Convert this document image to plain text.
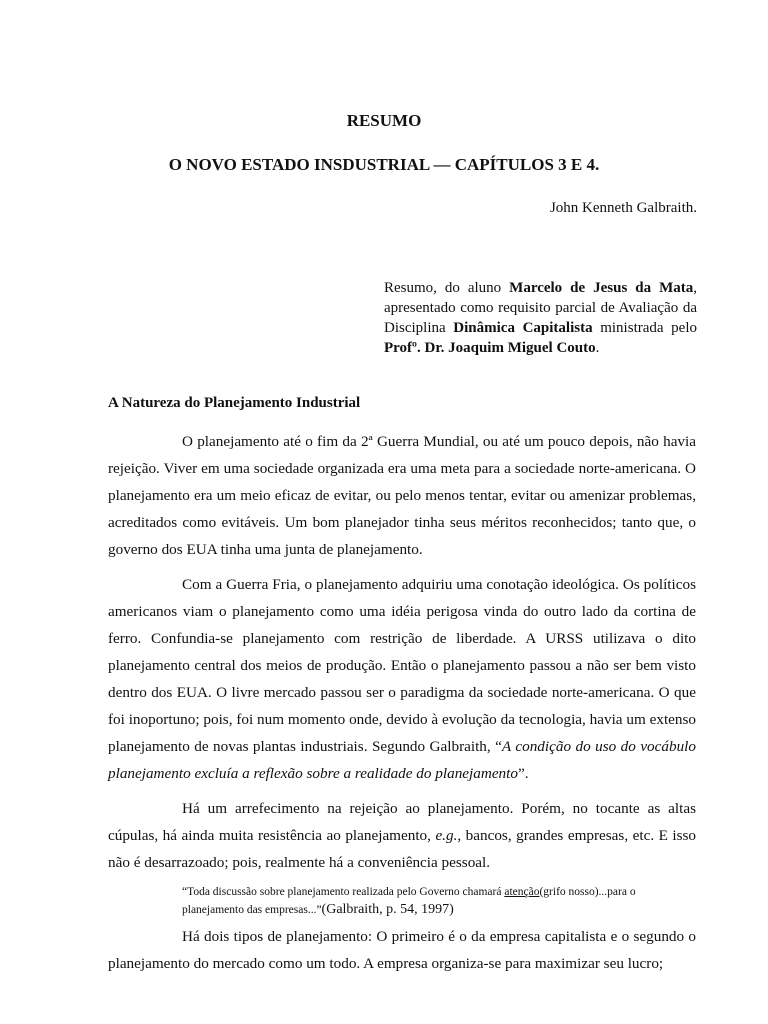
RESUMO
O NOVO ESTADO INSDUSTRIAL — CAPÍTULOS 3 E 4.

John Kenneth Galbraith.

Resumo, do aluno Marcelo de Jesus da Mata, apresentado como requisito parcial de Avaliação da Disciplina Dinâmica Capitalista ministrada pelo Profº. Dr. Joaquim Miguel Couto.

A Natureza do Planejamento Industrial

O planejamento até o fim da 2ª Guerra Mundial, ou até um pouco depois, não havia rejeição. Viver em uma sociedade organizada era uma meta para a sociedade norte-americana. O planejamento era um meio eficaz de evitar, ou pelo menos tentar, evitar ou amenizar problemas, acreditados como evitáveis. Um bom planejador tinha seus méritos reconhecidos; tanto que, o governo dos EUA tinha uma junta de planejamento.

Com a Guerra Fria, o planejamento adquiriu uma conotação ideológica. Os políticos americanos viam o planejamento como uma idéia perigosa vinda do outro lado da cortina de ferro. Confundia-se planejamento com restrição de liberdade. A URSS utilizava o dito planejamento central dos meios de produção. Então o planejamento passou a não ser bem visto dentro dos EUA. O livre mercado passou ser o paradigma da sociedade norte-americana. O que foi inoportuno; pois, foi num momento onde, devido à evolução da tecnologia, havia um extenso planejamento de novas plantas industriais. Segundo Galbraith, “A condição do uso do vocábulo planejamento excluía a reflexão sobre a realidade do planejamento”.

Há um arrefecimento na rejeição ao planejamento. Porém, no tocante as altas cúpulas, há ainda muita resistência ao planejamento, e.g., bancos, grandes empresas, etc. E isso não é desarrazoado; pois, realmente há a conveniência pessoal.

“Toda discussão sobre planejamento realizada pelo Governo chamará atenção(grifo nosso)...para o planejamento das empresas...”(Galbraith, p. 54, 1997)

Há dois tipos de planejamento: O primeiro é o da empresa capitalista e o segundo o planejamento do mercado como um todo. A empresa organiza-se para maximizar seu lucro;
